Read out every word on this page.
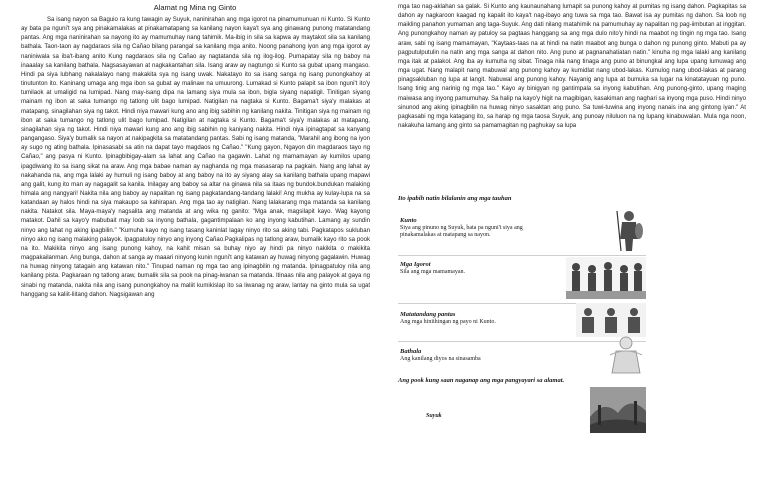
Alamat ng Mina ng Ginto

Sa isang nayon sa Baguio ra kung tawagin ay Suyuk, naninirahan ang mga igorot na pinamumunuan ni Kunto. Si Kunto ay bata pa nguni't sya ang pinakamalakas at pinakamatapang sa kanilang nayon kaya't sya ang ginawang punong matatandang pantas. Ang mga naninirahan sa nayong ito ay mamumuhay nang tahimik. Ma-ibig in sila sa kapwa ay maytakot sila sa kanilang bathala. Taon-taon ay nagdaraos sila ng Cañao bilang parangal sa kanilang mga anito. Noong panahong iyon ang mga igorot ay naniniwala sa iba't-ibang anito Kung nagdaraos sila ng Cañao ay nagtatanda sila ng ilog-ilog. Pumapatay sila ng baboy na inaaalay sa kanilang bathala. Nagsasayawan at nagkakantahan sila. Isang araw ay nagtungo si Kunto sa gubat upang mangaso. Hindi pa siya lubhang nakalalayo nang makakita sya ng isang uwak. Nakatayo ito sa isang sanga ng isang punongkahoy at tinutunton ito. Kaninang umaga ang mga ibon sa gubat ay malinaw na umuurong. Lumakad si Kunto palapit sa ibon nguni't ito'y tumilaok at umaligid na lumipad. Nang may-isang dipa na lamang siya mula sa ibon, bigla siyang napatigil. Tinitigan siyang mainam ng ibon at saka tumango ng tatlong ulit bago lumipad. Natigilan na nagtaka si Kunto. Bagama't siya'y malakas at matapang, sinagilahan siya ng takot. Hindi niya mawari kung ano ang ibig sabihin ng kanilang nakita. Tinitigan siya ng mainam ng ibon at saka tumango ng tatlong ulit bago lumipad. Natigilan at nagtaka si Kunto. Bagama't siya'y malakas at matapang, sinagilahan siya ng takot. Hindi niya mawari kung ano ang ibig sabihin ng kaniyang nakita. Hindi niya ipinagtapat sa kanyang pangangaso. Siya'y bumalik sa nayon at nakipagkita sa matatandang pantas. Sabi ng isang matanda, "Marahil ang ibong na iyon ay sugo ng ating bathala. Ipinasasabi sa atin na dapat tayo magdaos ng Cañao." "Kung gayon, Ngayon din magdaraos tayo ng Cañao," ang pasya ni Kunto. Ipinagbibigay-alam sa lahat ang Cañao na gagawin. Lahat ng mamamayan ay kumilos upang ipagdiwang ito sa isang sikat na araw. Ang mga babae naman ay naghanda ng mga masasarap na pagkain. Nang ang lahat ay nakahanda na, ang mga lalaki ay humuli ng isang baboy at ang baboy na ito ay siyang alay sa kanilang bathala upang mapawi ang galit, kung ito man ay nagagalit sa kanila. Inilagay ang baboy sa altar na ginawa nila sa itaas ng bundok.bundukan malaking himala ang nangyari! Nakita nila ang baboy ay napalitan ng isang pagkatandang-tandang lalaki! Ang mukha ay kulay-lupa na sa katandaan ay halos hindi na siya makaupo sa kahirapan. Ang mga tao ay natigilan. Nang lalakarang mga matanda sa kanilang nakita. Natakot sila. Maya-maya'y nagsalita ang matanda at ang wika ng ganito: "Mga anak, magsilapit kayo. Wag kayong matakot. Dahil sa kayo'y mabubait may loob sa inyong bathala, gagantimpalaan ko ang inyong kabutihan. Lamang ay sundin ninyo ang lahat ng aking ipagbilin." "Kumuha kayo ng isang tasang kaninlat lagay ninyo rito sa aking tabi. Pagkatapos sukluban ninyo ako ng isang malaking palayok. Ipagpatuloy ninyo ang inyong Cañao.Pagkalipas ng tatlong araw, bumalik kayo rito sa pook na ito. Makikita ninyo ang isang punong kahoy, na kahit misan sa buhay niyo ay hindi pa ninyo nakikita o makikita magpakailanman. Ang bunga, dahon at sanga ay maaari ninyong kunin nguni't ang katawan ay huwag ninyong gagalawin. Huwag na huwag ninyong tatagain ang katawan nito." Tinupad naman ng mga tao ang ipinagbilin ng matanda. Ipinagpatuloy nila ang kanilang pista. Pagkaraan ng tatlong araw, bumalik sila sa pook na pinag-iwanan sa matanda. Itinaas nila ang palayok at gaya ng sinabi ng matanda, nakita nila ang isang punongkahoy na maliit kumikislap ito sa liwanag ng araw, lantay na ginto mula sa ugat hanggang sa kaliit-liitang dahon. Nagsigawan ang

mga tao nag-aklahan sa galak. Si Kunto ang kaunaunahang lumapit sa punong kahoy at pumitas ng isang dahon. Pagkapitas sa dahon ay nagkaroon kaagad ng kapalit ito kaya't nag-ibayo ang tuwa sa mga tao. Bawat isa ay pumitas ng dahon. Sa loob ng maikling panahon yumaman ang taga-Suyuk. Ang dati nilang matahimik na pamumuhay ay napalitan ng pag-iimbutan at inggitan. Ang punongkahoy naman ay patuloy sa pagtaas hanggang sa ang mga dulo nito'y hindi na maabot ng tingin ng mga tao. Isang araw, sabi ng isang mamamayan, "Kaytaas-taas na at hindi na natin maabot ang bunga o dahon ng punong ginto. Mabuti pa ay pagputulputulin na natin ang mga sanga at dahon nito. Ang puno at pagnanahatiatan natin." kinuha ng mga lalaki ang kanilang mga itak at palakol. Ang iba ay kumuha ng sibat. Tinaga nila nang tinaga ang puno at binungkal ang lupa upang lumuwag ang mga ugat. Nang malapit nang mabuwal ang punong kahoy ay kumidlat nang ubod-lakas. Kumulog nang ubod-lakas at parang pinagsakluban ng lupa at langit. Nabuwal ang punong kahoy. Nayanig ang lupa at bumuka sa lugar na kinatatayuan ng puno. Isang tinig ang narinig ng mga tao." Kayo ay binigyan ng gantimpala sa inyong kabutihan. Ang punong-ginto, upang maging maiwasa ang inyong pamumuhay. Sa halip na kayo'y higit na magibigan, kasakiman ang naghari sa inyong mga puso. Hindi ninyo sinunod ang aking ipinagbilin na huwag ninyo sasaktan ang puno. Sa tuwi-tuwina ang inyong nanais ina ang gintong iyan." At pagkasabi ng mga katagang ito, sa harap ng mga taosa Suyuk, ang punoay niluluon na ng lupang kinabuwalan. Mula nga noon, nakakuha lamang ang ginto sa pamamagitan ng paghukay sa lupa

Ito ipabih natin bilalanin ang mga tauhan
Kunto
Siya ang pinuno ng Suyuk, bata pa nguni't siya ang pinakamalakas at matapang sa nayon.
Mga Igorot
Sila ang mga mamamayan.
Matatandang pantas
Ang mga hiniihingan ng payo ni Kunto.
Bathala
Ang kanilang diyos na sinasamba
Ang pook kung saan naganap ang mga pangyayari sa alamat.
Suyuk
